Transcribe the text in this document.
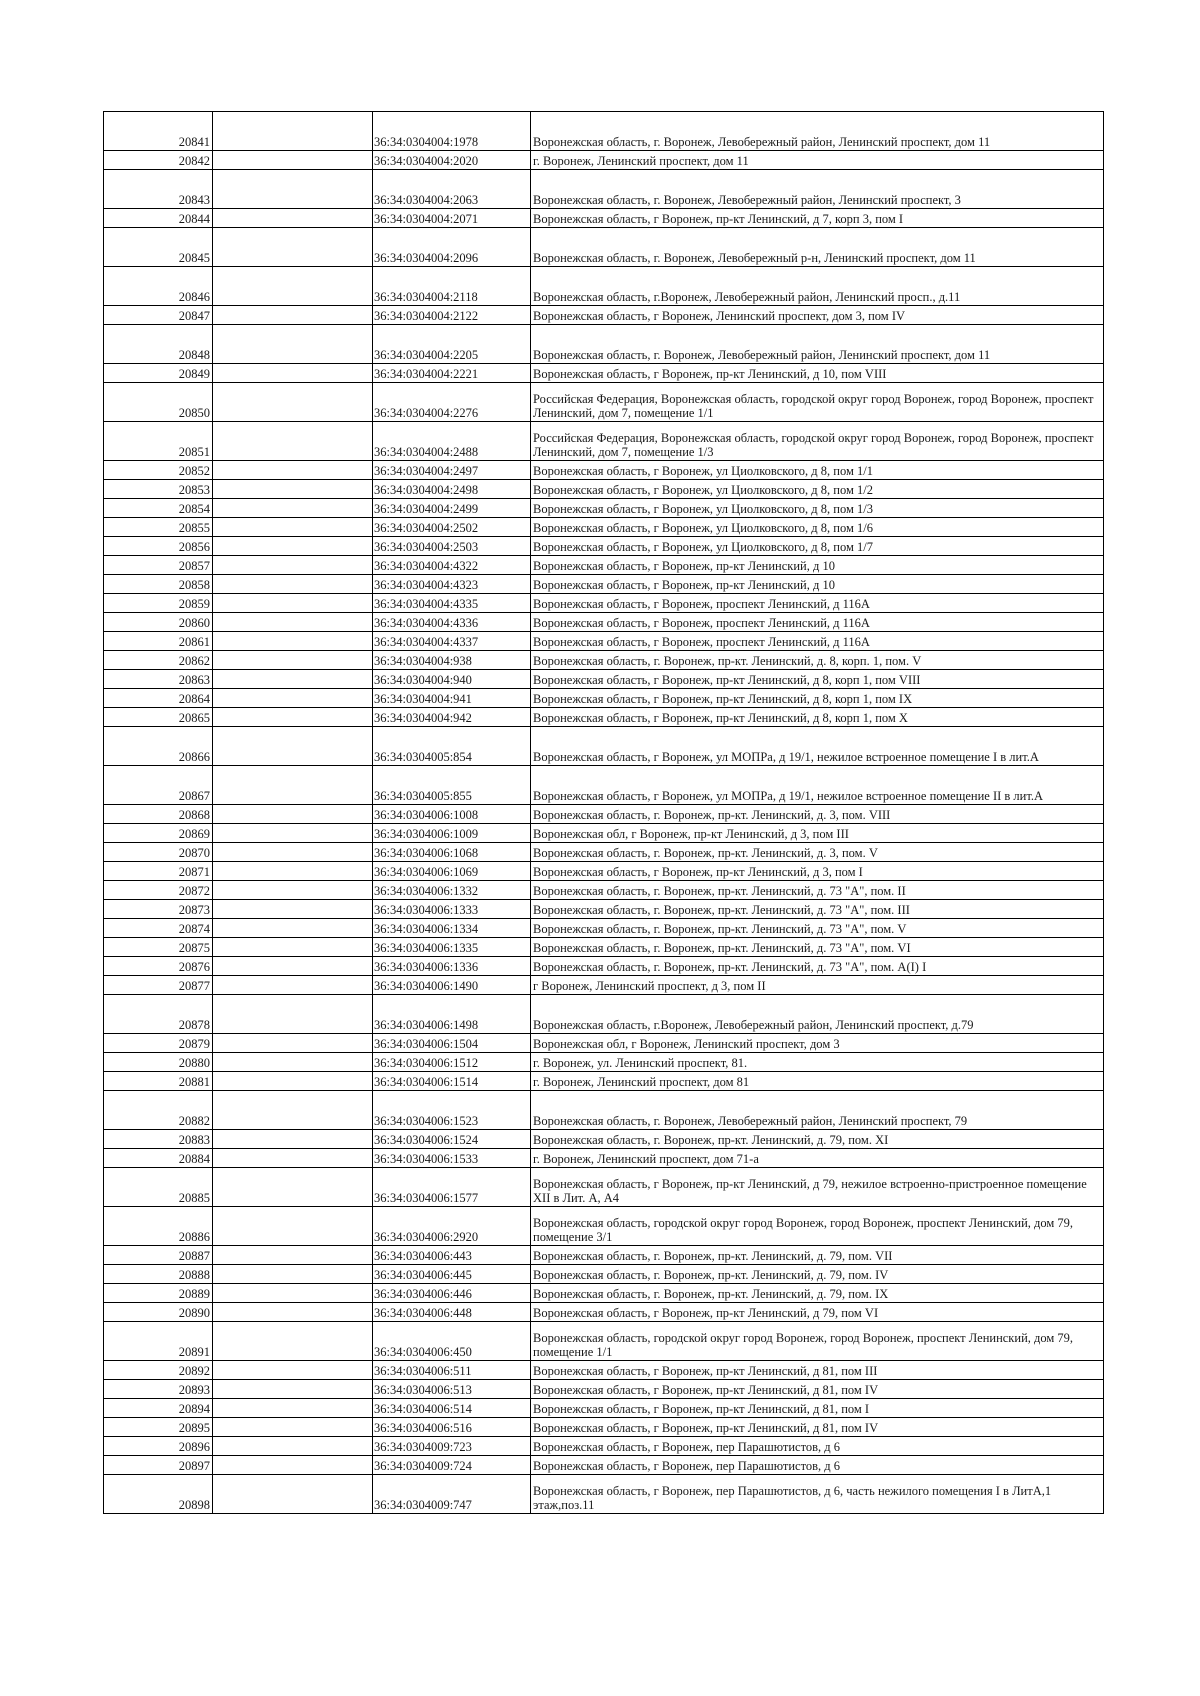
20841		36:34:0304004:1978	Воронежская область, г. Воронеж, Левобережный район, Ленинский проспект, дом 11
20842		36:34:0304004:2020	г. Воронеж, Ленинский проспект, дом 11
20843		36:34:0304004:2063	Воронежская область, г. Воронеж, Левобережный район, Ленинский проспект, 3
20844		36:34:0304004:2071	Воронежская область, г Воронеж, пр-кт Ленинский, д 7, корп 3, пом I
20845		36:34:0304004:2096	Воронежская область, г. Воронеж, Левобережный р-н, Ленинский проспект, дом 11
20846		36:34:0304004:2118	Воронежская область, г.Воронеж, Левобережный район, Ленинский просп., д.11
20847		36:34:0304004:2122	Воронежская область, г Воронеж, Ленинский проспект, дом 3, пом IV
20848		36:34:0304004:2205	Воронежская область, г. Воронеж, Левобережный район, Ленинский проспект, дом 11
20849		36:34:0304004:2221	Воронежская область, г Воронеж, пр-кт Ленинский, д 10, пом VIII
20850		36:34:0304004:2276	Российская Федерация, Воронежская область, городской округ город Воронеж, город Воронеж, проспект Ленинский, дом 7, помещение 1/1
20851		36:34:0304004:2488	Российская Федерация, Воронежская область, городской округ город Воронеж, город Воронеж, проспект Ленинский, дом 7, помещение 1/3
20852		36:34:0304004:2497	Воронежская область, г Воронеж, ул Циолковского, д 8, пом 1/1
20853		36:34:0304004:2498	Воронежская область, г Воронеж, ул Циолковского, д 8, пом 1/2
20854		36:34:0304004:2499	Воронежская область, г Воронеж, ул Циолковского, д 8, пом 1/3
20855		36:34:0304004:2502	Воронежская область, г Воронеж, ул Циолковского, д 8, пом 1/6
20856		36:34:0304004:2503	Воронежская область, г Воронеж, ул Циолковского, д 8, пом 1/7
20857		36:34:0304004:4322	Воронежская область, г Воронеж, пр-кт Ленинский, д 10
20858		36:34:0304004:4323	Воронежская область, г Воронеж, пр-кт Ленинский, д 10
20859		36:34:0304004:4335	Воронежская область, г Воронеж, проспект Ленинский, д 116А
20860		36:34:0304004:4336	Воронежская область, г Воронеж, проспект Ленинский, д 116А
20861		36:34:0304004:4337	Воронежская область, г Воронеж, проспект Ленинский, д 116А
20862		36:34:0304004:938	Воронежская область, г. Воронеж, пр-кт. Ленинский, д. 8, корп. 1, пом. V
20863		36:34:0304004:940	Воронежская область, г Воронеж, пр-кт Ленинский, д 8, корп 1, пом VIII
20864		36:34:0304004:941	Воронежская область, г Воронеж, пр-кт Ленинский, д 8, корп 1, пом IX
20865		36:34:0304004:942	Воронежская область, г Воронеж, пр-кт Ленинский, д 8, корп 1, пом X
20866		36:34:0304005:854	Воронежская область, г Воронеж, ул МОПРа, д 19/1, нежилое встроенное помещение I в лит.А
20867		36:34:0304005:855	Воронежская область, г Воронеж, ул МОПРа, д 19/1, нежилое встроенное помещение II в лит.А
20868		36:34:0304006:1008	Воронежская область, г. Воронеж, пр-кт. Ленинский, д. 3, пом. VIII
20869		36:34:0304006:1009	Воронежская обл, г Воронеж, пр-кт Ленинский, д 3, пом III
20870		36:34:0304006:1068	Воронежская область, г. Воронеж, пр-кт. Ленинский, д. 3, пом. V
20871		36:34:0304006:1069	Воронежская область, г Воронеж, пр-кт Ленинский, д 3, пом I
20872		36:34:0304006:1332	Воронежская область, г. Воронеж, пр-кт. Ленинский, д. 73 "А", пом. II
20873		36:34:0304006:1333	Воронежская область, г. Воронеж, пр-кт. Ленинский, д. 73 "А", пом. III
20874		36:34:0304006:1334	Воронежская область, г. Воронеж, пр-кт. Ленинский, д. 73 "А", пом. V
20875		36:34:0304006:1335	Воронежская область, г. Воронеж, пр-кт. Ленинский, д. 73 "А", пом. VI
20876		36:34:0304006:1336	Воронежская область, г. Воронеж, пр-кт. Ленинский, д. 73 "А", пом. А(I) I
20877		36:34:0304006:1490	г Воронеж, Ленинский проспект, д 3, пом II
20878		36:34:0304006:1498	Воронежская область, г.Воронеж, Левобережный район, Ленинский проспект, д.79
20879		36:34:0304006:1504	Воронежская обл, г Воронеж, Ленинский проспект, дом 3
20880		36:34:0304006:1512	г. Воронеж, ул. Ленинский проспект, 81.
20881		36:34:0304006:1514	г. Воронеж, Ленинский проспект, дом 81
20882		36:34:0304006:1523	Воронежская область, г. Воронеж, Левобережный район, Ленинский проспект, 79
20883		36:34:0304006:1524	Воронежская область, г. Воронеж, пр-кт. Ленинский, д. 79, пом. XI
20884		36:34:0304006:1533	г. Воронеж, Ленинский проспект, дом 71-а
20885		36:34:0304006:1577	Воронежская область, г Воронеж, пр-кт Ленинский, д 79, нежилое встроенно-пристроенное помещение XII в Лит. А, А4
20886		36:34:0304006:2920	Воронежская область, городской округ город Воронеж, город Воронеж, проспект Ленинский, дом 79, помещение 3/1
20887		36:34:0304006:443	Воронежская область, г. Воронеж, пр-кт. Ленинский, д. 79, пом. VII
20888		36:34:0304006:445	Воронежская область, г. Воронеж, пр-кт. Ленинский, д. 79, пом. IV
20889		36:34:0304006:446	Воронежская область, г. Воронеж, пр-кт. Ленинский, д. 79, пом. IX
20890		36:34:0304006:448	Воронежская область, г Воронеж, пр-кт Ленинский, д 79, пом VI
20891		36:34:0304006:450	Воронежская область, городской округ город Воронеж, город Воронеж, проспект Ленинский, дом 79, помещение 1/1
20892		36:34:0304006:511	Воронежская область, г Воронеж, пр-кт Ленинский, д 81, пом III
20893		36:34:0304006:513	Воронежская область, г Воронеж, пр-кт Ленинский, д 81, пом IV
20894		36:34:0304006:514	Воронежская область, г Воронеж, пр-кт Ленинский, д 81, пом I
20895		36:34:0304006:516	Воронежская область, г Воронеж, пр-кт Ленинский, д 81, пом IV
20896		36:34:0304009:723	Воронежская область, г Воронеж, пер Парашютистов, д 6
20897		36:34:0304009:724	Воронежская область, г Воронеж, пер Парашютистов, д 6
20898		36:34:0304009:747	Воронежская область, г Воронеж, пер Парашютистов, д 6, часть нежилого помещения I в ЛитА,1 этаж,поз.11
